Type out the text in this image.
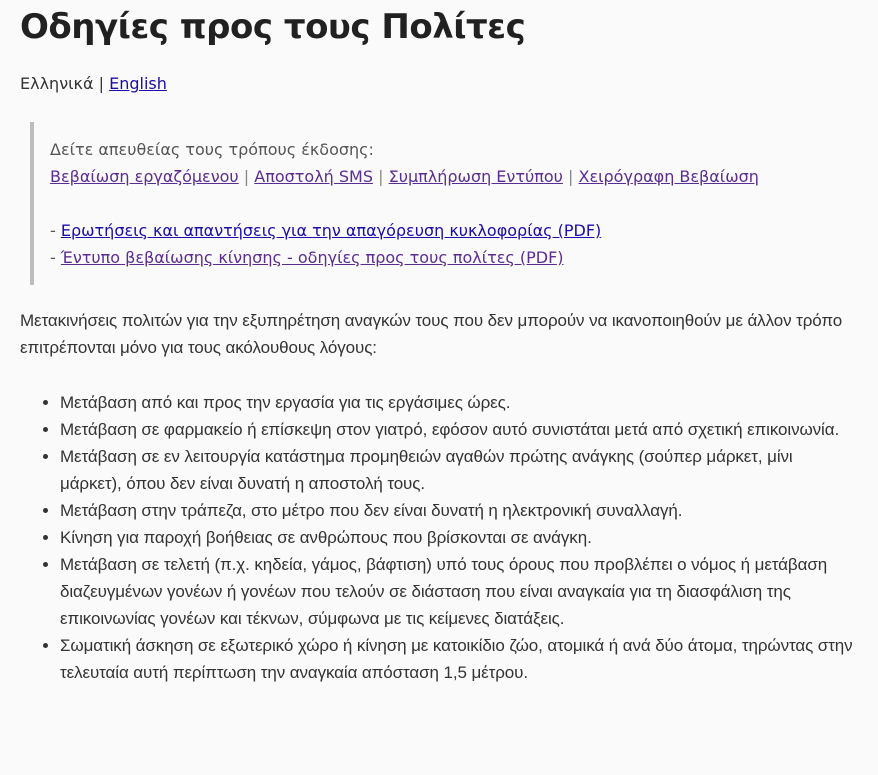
Οδηγίες προς τους Πολίτες
Ελληνικά | English
Δείτε απευθείας τους τρόπους έκδοσης:
Βεβαίωση εργαζόμενου | Αποστολή SMS | Συμπλήρωση Εντύπου | Χειρόγραφη Βεβαίωση
- Ερωτήσεις και απαντήσεις για την απαγόρευση κυκλοφορίας (PDF)
- Έντυπο βεβαίωσης κίνησης - οδηγίες προς τους πολίτες (PDF)

Μετακινήσεις πολιτών για την εξυπηρέτηση αναγκών τους που δεν μπορούν να ικανοποιηθούν με άλλον τρόπο επιτρέπονται μόνο για τους ακόλουθους λόγους:

• Μετάβαση από και προς την εργασία για τις εργάσιμες ώρες.
• Μετάβαση σε φαρμακείο ή επίσκεψη στον γιατρό, εφόσον αυτό συνιστάται μετά από σχετική επικοινωνία.
• Μετάβαση σε εν λειτουργία κατάστημα προμηθειών αγαθών πρώτης ανάγκης (σούπερ μάρκετ, μίνι μάρκετ), όπου δεν είναι δυνατή η αποστολή τους.
• Μετάβαση στην τράπεζα, στο μέτρο που δεν είναι δυνατή η ηλεκτρονική συναλλαγή.
• Κίνηση για παροχή βοήθειας σε ανθρώπους που βρίσκονται σε ανάγκη.
• Μετάβαση σε τελετή (π.χ. κηδεία, γάμος, βάφτιση) υπό τους όρους που προβλέπει ο νόμος ή μετάβαση διαζευγμένων γονέων ή γονέων που τελούν σε διάσταση που είναι αναγκαία για τη διασφάλιση της επικοινωνίας γονέων και τέκνων, σύμφωνα με τις κείμενες διατάξεις.
• Σωματική άσκηση σε εξωτερικό χώρο ή κίνηση με κατοικίδιο ζώο, ατομικά ή ανά δύο άτομα, τηρώντας στην τελευταία αυτή περίπτωση την αναγκαία απόσταση 1,5 μέτρου.
